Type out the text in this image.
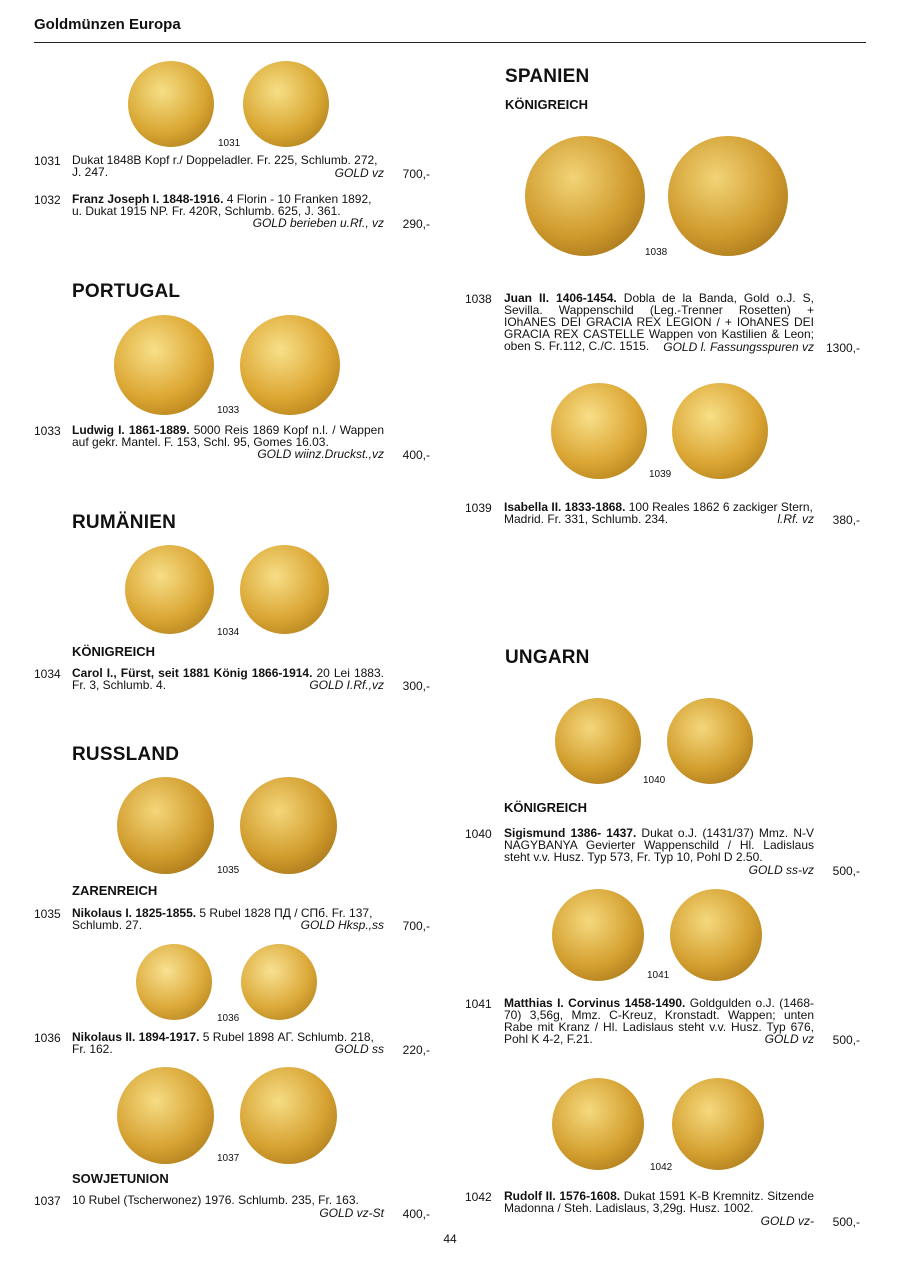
Goldmünzen Europa
1031
1031 Dukat 1848B Kopf r./ Doppeladler. Fr. 225, Schlumb. 272, J. 247.	GOLD vz	700,-
1032 Franz Joseph I. 1848-1916. 4 Florin - 10 Franken 1892, u. Dukat 1915 NP. Fr. 420R, Schlumb. 625, J. 361.
GOLD berieben u.Rf., vz	290,-
PORTUGAL
1033
1033 Ludwig I. 1861-1889. 5000 Reis 1869 Kopf n.l. / Wappen auf gekr. Mantel. F. 153, Schl. 95, Gomes 16.03.
GOLD wiinz.Druckst.,vz	400,-
RUMÄNIEN
1034
KÖNIGREICH
1034 Carol I., Fürst, seit 1881 König 1866-1914. 20 Lei 1883. Fr. 3, Schlumb. 4.	GOLD I.Rf.,vz	300,-
RUSSLAND
1035
ZARENREICH
1035 Nikolaus I. 1825-1855. 5 Rubel 1828 ПД / СПб. Fr. 137, Schlumb. 27.	GOLD Hksp.,ss	700,-
1036
1036 Nikolaus II. 1894-1917. 5 Rubel 1898 АГ. Schlumb. 218, Fr. 162.	GOLD ss	220,-
1037
SOWJETUNION
1037 10 Rubel (Tscherwonez) 1976. Schlumb. 235, Fr. 163.
GOLD vz-St	400,-
SPANIEN
KÖNIGREICH
1038
1038 Juan II. 1406-1454. Dobla de la Banda, Gold o.J. S, Sevilla. Wappenschild (Leg.-Trenner Rosetten) + IOhANES DEI GRACIA REX LEGION / + IOhANES DEI GRACIA REX CASTELLE Wappen von Kastilien & Leon; oben S. Fr.112, C./C. 1515.	GOLD l. Fassungsspuren vz 1300,-
1039
1039 Isabella II. 1833-1868. 100 Reales 1862 6 zackiger Stern, Madrid. Fr. 331, Schlumb. 234.	l.Rf. vz	380,-
UNGARN
1040
KÖNIGREICH
1040 Sigismund 1386- 1437. Dukat o.J. (1431/37) Mmz. N-V NAGYBANYA Gevierter Wappenschild / Hl. Ladislaus steht v.v. Husz. Typ 573, Fr. Typ 10, Pohl D 2.50.
GOLD ss-vz	500,-
1041
1041 Matthias I. Corvinus 1458-1490. Goldgulden o.J. (1468-70) 3,56g, Mmz. C-Kreuz, Kronstadt. Wappen; unten Rabe mit Kranz / Hl. Ladislaus steht v.v. Husz. Typ 676, Pohl K 4-2, F.21.	GOLD vz	500,-
1042
1042 Rudolf II. 1576-1608. Dukat 1591 K-B Kremnitz. Sitzende Madonna / Steh. Ladislaus, 3,29g. Husz. 1002.
GOLD vz-	500,-
44
